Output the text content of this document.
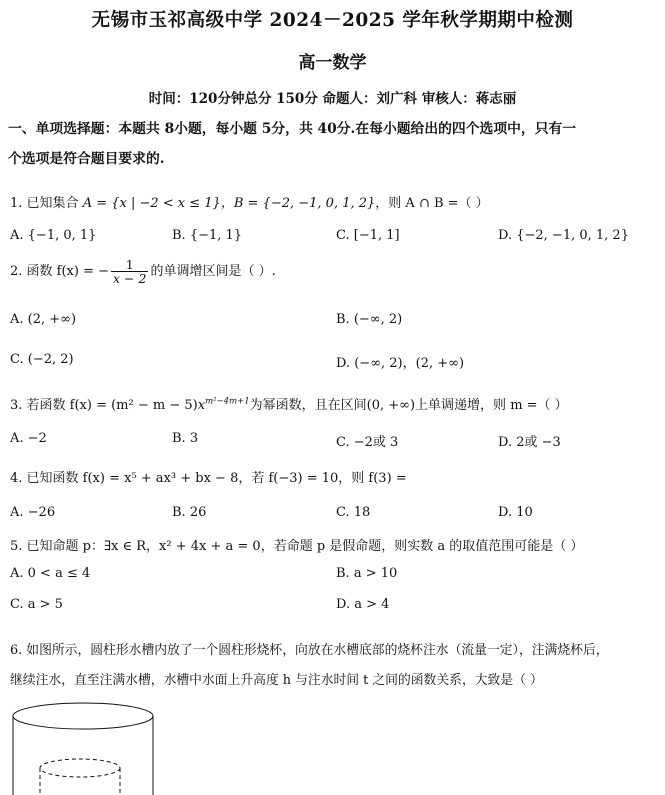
无锡市玉祁高级中学 2024－2025 学年秋学期期中检测
高一数学
时间：120分钟总分 150分 命题人：刘广科 审核人：蒋志丽
一、单项选择题：本题共 8小题，每小题 5分，共 40分.在每小题给出的四个选项中，只有一
个选项是符合题目要求的.
1. 已知集合 A = {x | −2 < x ≤ 1}，B = {−2, −1, 0, 1, 2}，则 A ∩ B =（ ）
A. {−1, 0, 1}	B. {−1, 1}	C. [−1, 1]	D. {−2, −1, 0, 1, 2}
2. 函数 f(x) = − $\frac{1}{x - 2}$ 的单调增区间是（ ）.
A. (2, +∞)	B. (−∞, 2)
C. (−2, 2)	D. (−∞, 2)，(2, +∞)
3. 若函数 $f(x) = (m^2 - m - 5)x^{m^2-4m+1}$为幂函数，且在区间(0, +∞)上单调递增，则 m =（ ）
A. −2	B. 3	C. −2或 3	D. 2或 −3
4. 已知函数 f(x) = x⁵ + ax³ + bx − 8，若 f(−3) = 10，则 f(3) =
A. −26	B. 26	C. 18	D. 10
5. 已知命题 p：∃x ∈ R，x² + 4x + a = 0，若命题 p 是假命题，则实数 a 的取值范围可能是（ ）
A. 0 < a ≤ 4	B. a > 10
C. a > 5	D. a > 4
6. 如图所示，圆柱形水槽内放了一个圆柱形烧杯，向放在水槽底部的烧杯注水（流量一定），注满烧杯后，
继续注水，直至注满水槽，水槽中水面上升高度 h 与注水时间 t 之间的函数关系，大致是（ ）
